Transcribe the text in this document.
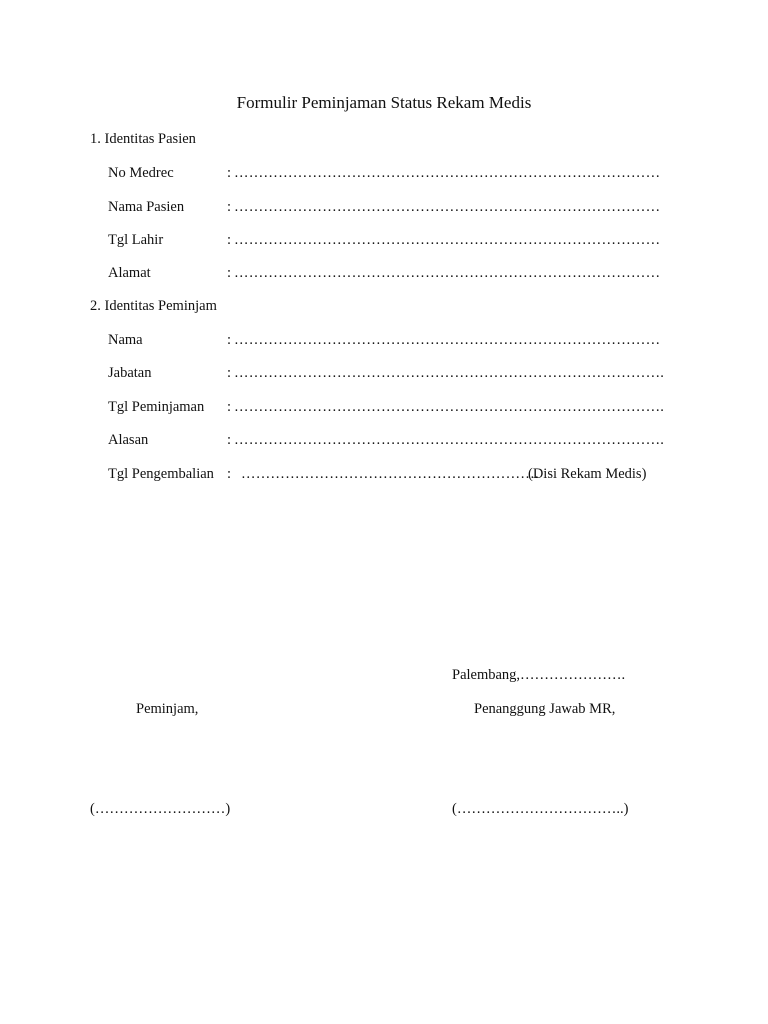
Formulir Peminjaman Status Rekam Medis
1. Identitas Pasien
No Medrec	: ……………………………………………………………………………
Nama Pasien	: ……………………………………………………………………………
Tgl Lahir	: ……………………………………………………………………………
Alamat	: ……………………………………………………………………………
2. Identitas Peminjam
Nama	: ……………………………………………………………………………
Jabatan	: …………………………………………………………………………….
Tgl Peminjaman : …………………………………………………………………………….
Alasan	: …………………………………………………………………………….
Tgl Pengembalian : …………………………………………………….
(Disi Rekam Medis)
Palembang,………………….
Peminjam,	Penanggung Jawab MR,
(………………………)	(……………………………..)
